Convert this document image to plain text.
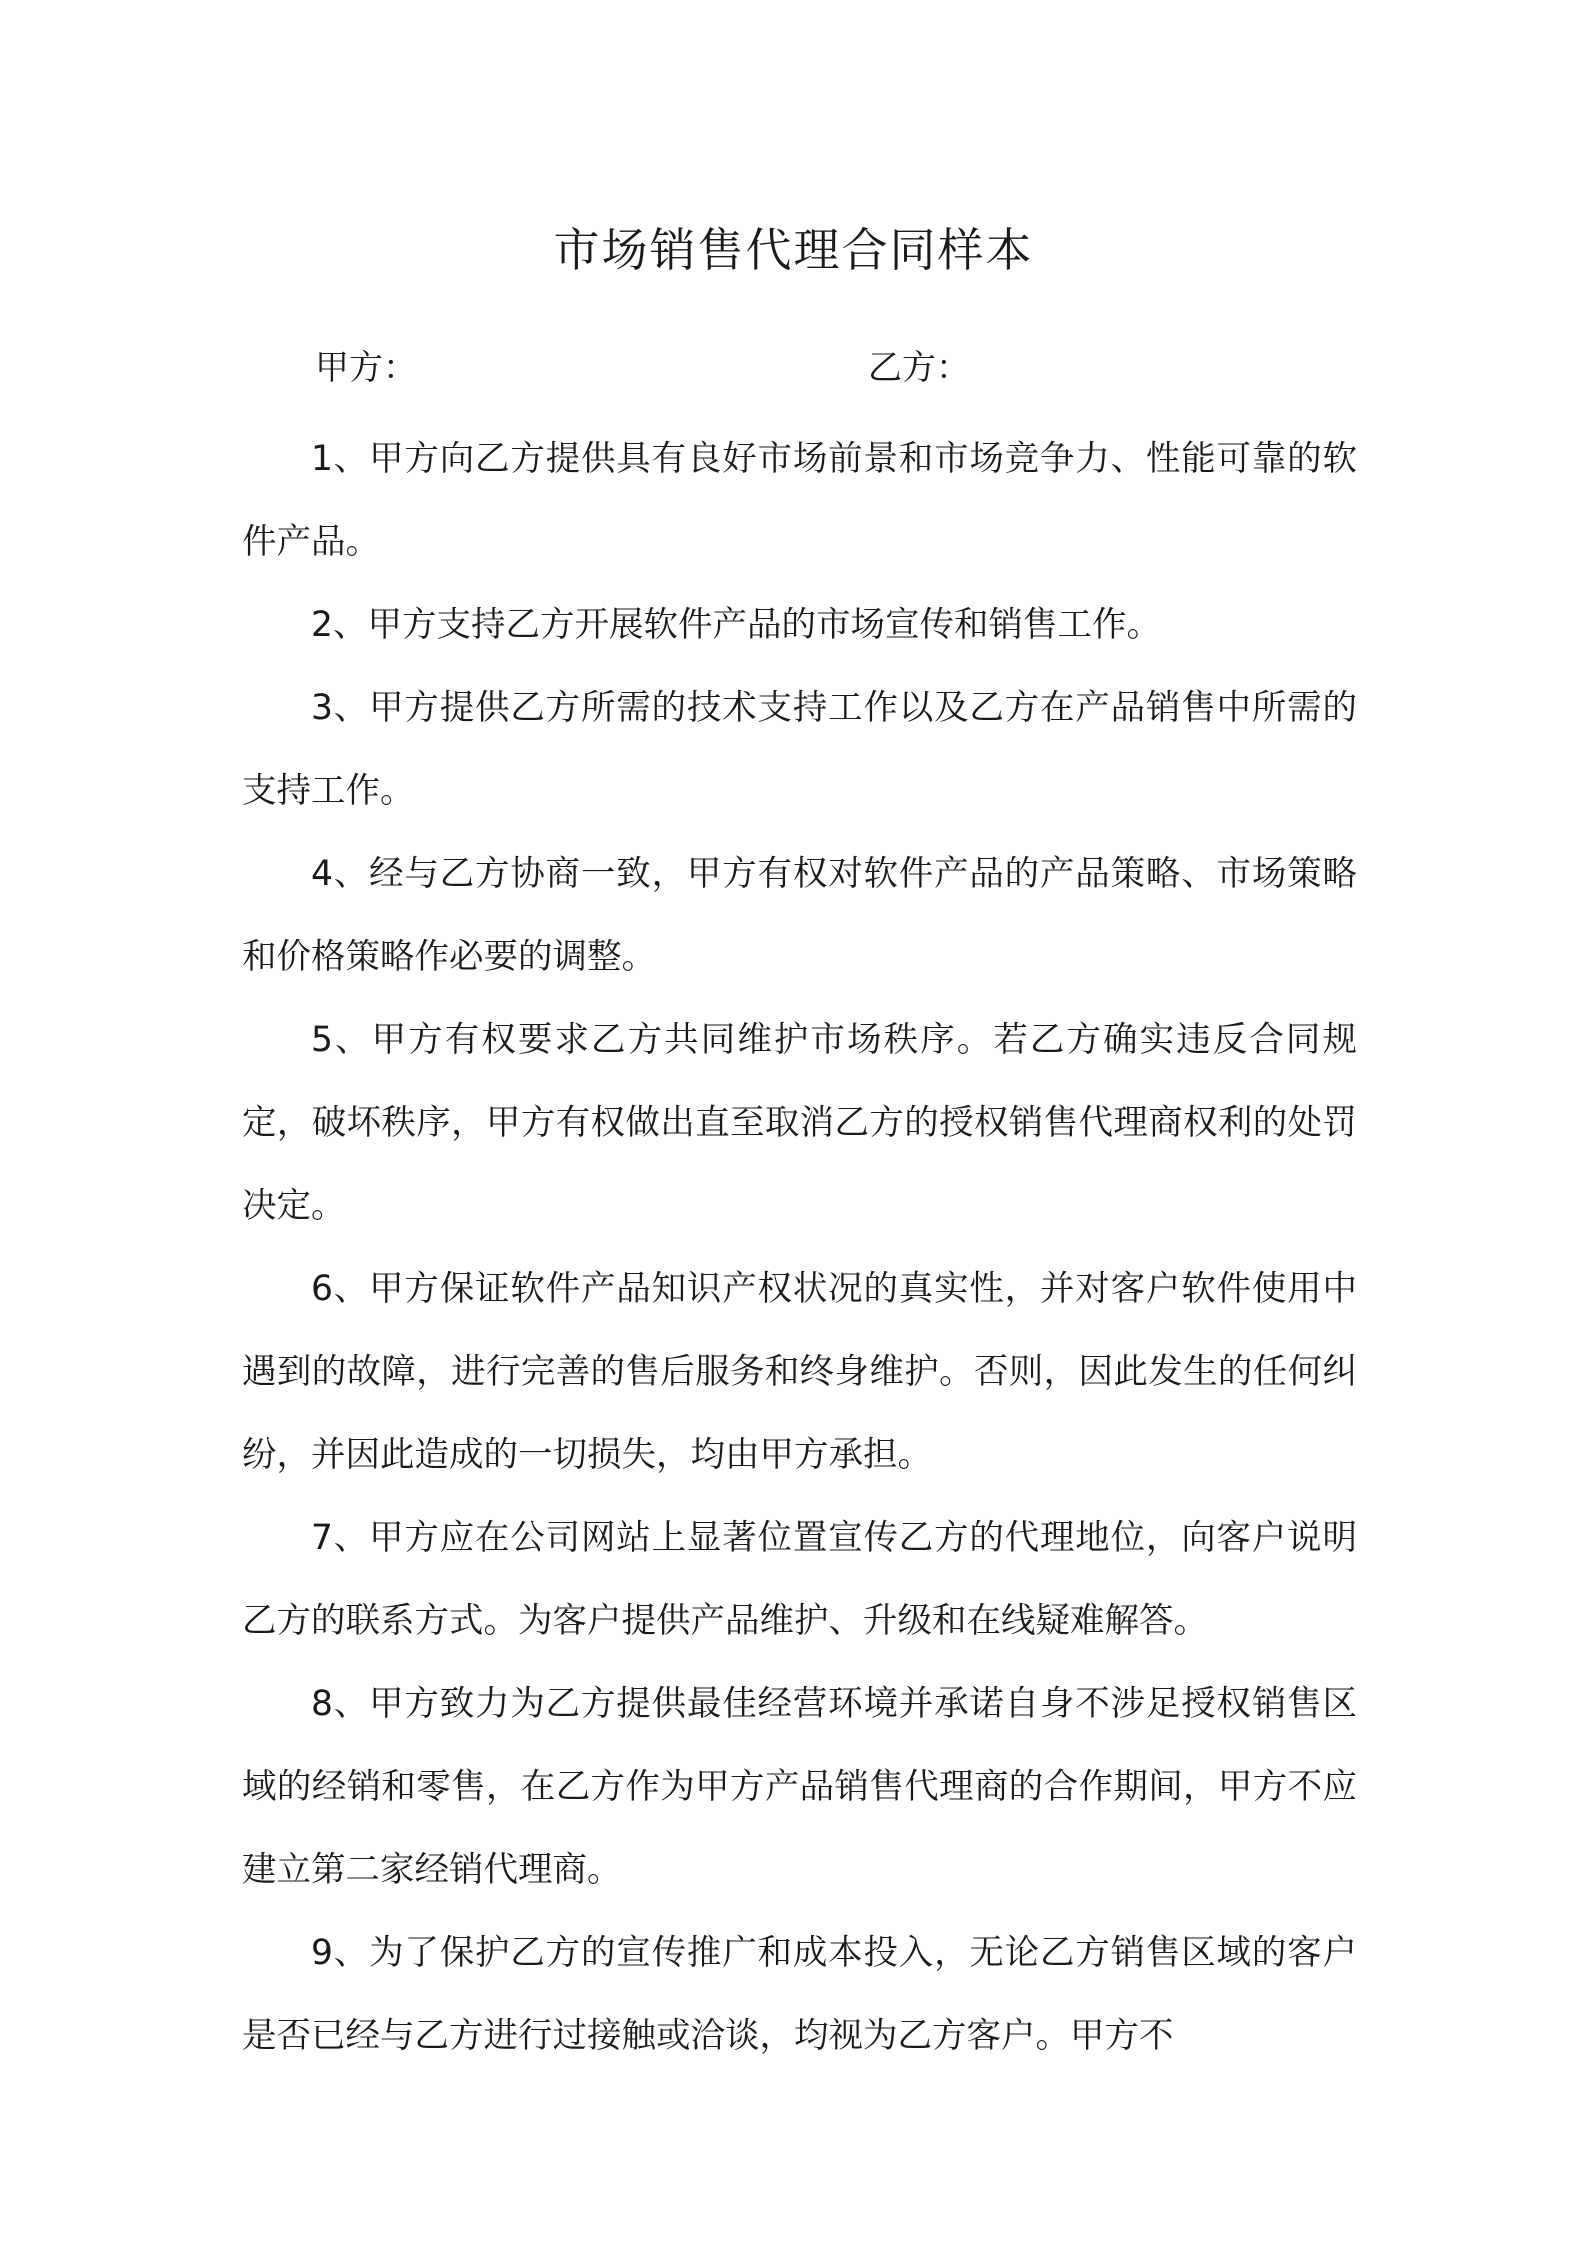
市场销售代理合同样本
甲方：	乙方：

1、甲方向乙方提供具有良好市场前景和市场竞争力、性能可靠的软件产品。

2、甲方支持乙方开展软件产品的市场宣传和销售工作。

3、甲方提供乙方所需的技术支持工作以及乙方在产品销售中所需的支持工作。

4、经与乙方协商一致，甲方有权对软件产品的产品策略、市场策略和价格策略作必要的调整。

5、甲方有权要求乙方共同维护市场秩序。若乙方确实违反合同规定，破坏秩序，甲方有权做出直至取消乙方的授权销售代理商权利的处罚决定。

6、甲方保证软件产品知识产权状况的真实性，并对客户软件使用中遇到的故障，进行完善的售后服务和终身维护。否则，因此发生的任何纠纷，并因此造成的一切损失，均由甲方承担。

7、甲方应在公司网站上显著位置宣传乙方的代理地位，向客户说明乙方的联系方式。为客户提供产品维护、升级和在线疑难解答。

8、甲方致力为乙方提供最佳经营环境并承诺自身不涉足授权销售区域的经销和零售，在乙方作为甲方产品销售代理商的合作期间，甲方不应建立第二家经销代理商。

9、为了保护乙方的宣传推广和成本投入，无论乙方销售区域的客户是否已经与乙方进行过接触或洽谈，均视为乙方客户。甲方不
